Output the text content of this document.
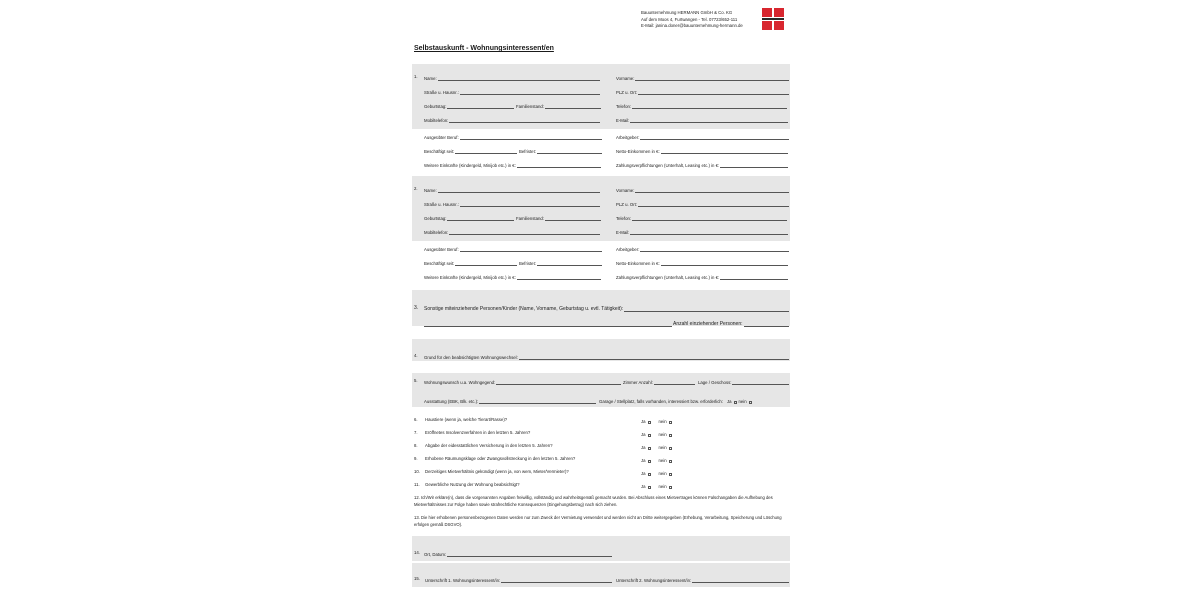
Bauunternehmung HERMANN GmbH & Co. KG
Auf dem Moos 4, Furtwangen - Tel. 07723/652-111
E-Mail: janina.doner@bauunternehmung-hermann.de
Selbstauskunft - Wohnungsinteressent/en
1. Name:	Vorname:
Straße u. Hausnr.:	PLZ u. Ort:
Geburtstag:	Familienstand:	Telefon:
Mobiltelefon:	E-Mail:
Ausgeübter Beruf:	Arbeitgeber:
Beschäftigt seit:	Befristet:	Netto-Einkommen in €:
Weitere Einkünfte (Kindergeld, Minijob etc.) in €:	Zahlungsverpflichtungen (Unterhalt, Leasing etc.) in €:
2. Name:	Vorname:
Straße u. Hausnr.:	PLZ u. Ort:
Geburtstag:	Familienstand:	Telefon:
Mobiltelefon:	E-Mail:
Ausgeübter Beruf:	Arbeitgeber:
Beschäftigt seit:	Befristet:	Netto-Einkommen in €:
Weitere Einkünfte (Kindergeld, Minijob etc.) in €:	Zahlungsverpflichtungen (Unterhalt, Leasing etc.) in €:
3. Sonstige miteinziehende Personen/Kinder (Name, Vorname, Geburtstag u. evtl. Tätigkeit):
Anzahl einziehender Personen:
4. Grund für den beabsichtigten Wohnungswechsel:
5. Wohnungswunsch u.a. Wohngegend:	Zimmer Anzahl:	Lage / Geschoss:
Ausstattung (EBK, Blk. etc.):	Garage / Stellplatz, falls vorhanden, interessiert bzw. erforderlich: Ja nein
6. Haustiere (wenn ja, welche Tierart/Rasse)?	Ja	nein
7. Eröffnetes Insolvenzverfahren in den letzten 5. Jahren?	Ja	nein
8. Abgabe der eidesstattlichen Versicherung in den letzten 5. Jahren?	Ja	nein
9. Erhobene Räumungsklage oder Zwangsvollstreckung in den letzten 5. Jahren?	Ja	nein
10. Derzeitiges Mietverhältnis gekündigt (wenn ja, von wem, Mieter/Vermieter)?	Ja	nein
11. Gewerbliche Nutzung der Wohnung beabsichtigt?	Ja	nein
12. Ich/Wir erkläre(n), dass die vorgenannten Angaben freiwillig, vollständig und wahrheitsgemäß gemacht wurden. Bei Abschluss eines Mietvertrages können Falschangaben die Aufhebung des Mietverhältnisses zur Folge haben sowie strafrechtliche Konsequenzen (Eingehungsbetrug) nach sich ziehen.
13. Die hier erhobenen personenbezogenen Daten werden nur zum Zweck der Vermietung verwendet und werden nicht an Dritte weitergegeben (Erhebung, Verarbeitung, Speicherung und Löschung erfolgen gemäß DSGVO).
14. Ort, Datum:
15. Unterschrift 1. Wohnungsinteressent/in:	Unterschrift 2. Wohnungsinteressent/in:
